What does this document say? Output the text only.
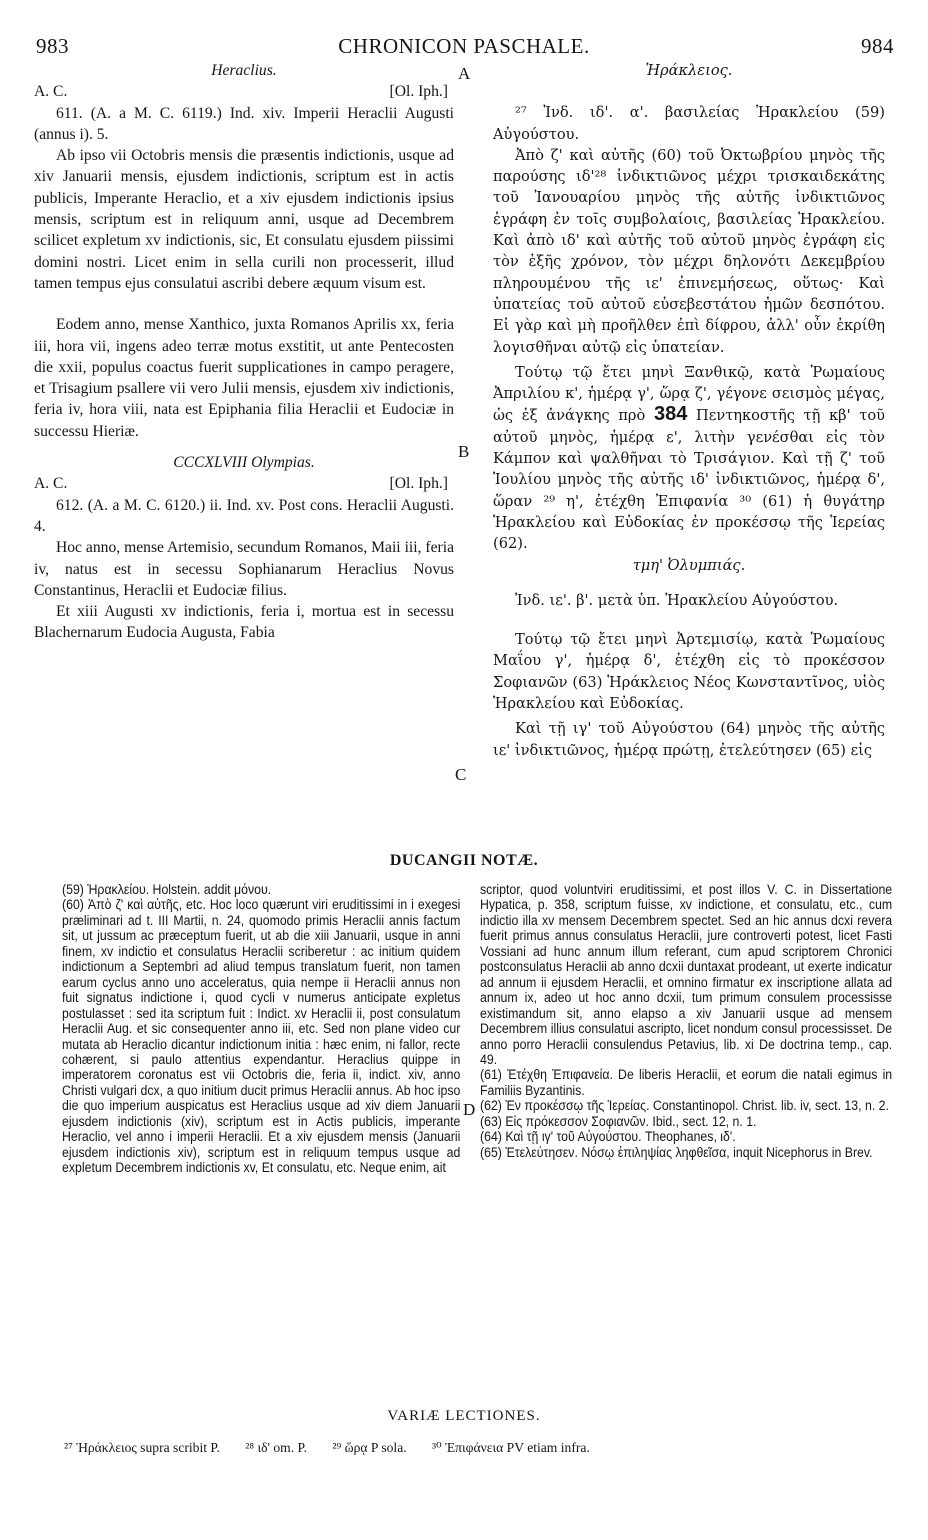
983	CHRONICON PASCHALE.	984

Heraclius.

A. C.	[Ol. Iph.]

611. (A. a M. C. 6119.) Ind. xiv. Imperii Heraclii Augusti (annus i). 5.

Ab ipso vii Octobris mensis die præsentis indictionis, usque ad xiv Januarii mensis, ejusdem indictionis, scriptum est in actis publicis, Imperante Heraclio, et a xiv ejusdem indictionis ipsius mensis, scriptum est in reliquum anni, usque ad Decembrem scilicet expletum xv indictionis, sic, Et consulatu ejusdem piissimi domini nostri. Licet enim in sella curili non processerit, illud tamen tempus ejus consulatui ascribi debere æquum visum est.

Eodem anno, mense Xanthico, juxta Romanos Aprilis xx, feria iii, hora vii, ingens adeo terræ motus exstitit, ut ante Pentecosten die xxii, populus coactus fuerit supplicationes in campo peragere, et Trisagium psallere vii vero Julii mensis, ejusdem xiv indictionis, feria iv, hora viii, nata est Epiphania filia Heraclii et Eudociæ in successu Hieriæ.

CCCXLVIII Olympias.

A. C.	[Ol. Iph.]

612. (A. a M. C. 6120.) ii. Ind. xv. Post cons. Heraclii Augusti. 4.

Hoc anno, mense Artemisio, secundum Romanos, Maii iii, feria iv, natus est in secessu Sophianarum Heraclius Novus Constantinus, Heraclii et Eudociæ filius.

Et xiii Augusti xv indictionis, feria i, mortua est in secessu Blachernarum Eudocia Augusta, Fabia

A
B
C
D

Ἡράκλειος.

²⁷ Ἰνδ. ιδ'. α'. βασιλείας Ἡρακλείου (59) Αὐγούστου.

Ἀπὸ ζ' καὶ αὐτῆς (60) τοῦ Ὀκτωβρίου μηνὸς τῆς παρούσης ιδ'²⁸ ἰνδικτιῶνος μέχρι τρισκαιδεκάτης τοῦ Ἰανουαρίου μηνὸς τῆς αὐτῆς ἰνδικτιῶνος ἐγράφη ἐν τοῖς συμβολαίοις, βασιλείας Ἡρακλείου. Καὶ ἀπὸ ιδ' καὶ αὐτῆς τοῦ αὐτοῦ μηνὸς ἐγράφη εἰς τὸν ἑξῆς χρόνον, τὸν μέχρι δηλονότι Δεκεμβρίου πληρουμένου τῆς ιε' ἐπινεμήσεως, οὕτως· Καὶ ὑπατείας τοῦ αὐτοῦ εὐσεβεστάτου ἡμῶν δεσπότου. Εἰ γὰρ καὶ μὴ προῆλθεν ἐπὶ δίφρου, ἀλλ' οὖν ἐκρίθη λογισθῆναι αὐτῷ εἰς ὑπατείαν.

Τούτῳ τῷ ἔτει μηνὶ Ξανθικῷ, κατὰ Ῥωμαίους Ἀπριλίου κ', ἡμέρᾳ γ', ὥρᾳ ζ', γέγονε σεισμὸς μέγας, ὡς ἐξ ἀνάγκης πρὸ 384 Πεντηκοστῆς τῇ κβ' τοῦ αὐτοῦ μηνὸς, ἡμέρᾳ ε', λιτὴν γενέσθαι εἰς τὸν Κάμπον καὶ ψαλθῆναι τὸ Τρισάγιον. Καὶ τῇ ζ' τοῦ Ἰουλίου μηνὸς τῆς αὐτῆς ιδ' ἰνδικτιῶνος, ἡμέρᾳ δ', ὥραν ²⁹ η', ἐτέχθη Ἐπιφανία ³⁰ (61) ἡ θυγάτηρ Ἡρακλείου καὶ Εὐδοκίας ἐν προκέσσῳ τῆς Ἱερείας (62).

τμη' Ὀλυμπιάς.

Ἰνδ. ιε'. β'. μετὰ ὑπ. Ἡρακλείου Αὐγούστου.

Τούτῳ τῷ ἔτει μηνὶ Ἀρτεμισίῳ, κατὰ Ῥωμαίους Μαΐου γ', ἡμέρᾳ δ', ἐτέχθη εἰς τὸ προκέσσον Σοφιανῶν (63) Ἡράκλειος Νέος Κωνσταντῖνος, υἱὸς Ἡρακλείου καὶ Εὐδοκίας.

Καὶ τῇ ιγ' τοῦ Αὐγούστου (64) μηνὸς τῆς αὐτῆς ιε' ἰνδικτιῶνος, ἡμέρᾳ πρώτῃ, ἐτελεύτησεν (65) εἰς

DUCANGII NOTÆ.

(59) Ἡρακλείου. Holstein. addit μόνου.

(60) Ἀπὸ ζ' καὶ αὐτῆς, etc. Hoc loco quærunt viri eruditissimi in i exegesi præliminari ad t. III Martii, n. 24, quomodo primis Heraclii annis factum sit, ut jussum ac præceptum fuerit, ut ab die xiii Januarii, usque in anni finem, xv indictio et consulatus Heraclii scriberetur : ac initium quidem indictionum a Septembri ad aliud tempus translatum fuerit, non tamen earum cyclus anno uno acceleratus, quia nempe ii Heraclii annus non fuit signatus indictione i, quod cycli v numerus anticipate expletus postulasset : sed ita scriptum fuit : Indict. xv Heraclii ii, post consulatum Heraclii Aug. et sic consequenter anno iii, etc. Sed non plane video cur mutata ab Heraclio dicantur indictionum initia : hæc enim, ni fallor, recte cohærent, si paulo attentius expendantur. Heraclius quippe in imperatorem coronatus est vii Octobris die, feria ii, indict. xiv, anno Christi vulgari dcx, a quo initium ducit primus Heraclii annus. Ab hoc ipso die quo imperium auspicatus est Heraclius usque ad xiv diem Januarii ejusdem indictionis (xiv), scriptum est in Actis publicis, imperante Heraclio, vel anno i imperii Heraclii. Et a xiv ejusdem mensis (Januarii ejusdem indictionis xiv), scriptum est in reliquum tempus usque ad expletum Decembrem indictionis xv, Et consulatu, etc. Neque enim, ait

scriptor, quod voluntviri eruditissimi, et post illos V. C. in Dissertatione Hypatica, p. 358, scriptum fuisse, xv indictione, et consulatu, etc., cum indictio illa xv mensem Decembrem spectet. Sed an hic annus dcxi revera fuerit primus annus consulatus Heraclii, jure controverti potest, licet Fasti Vossiani ad hunc annum illum referant, cum apud scriptorem Chronici postconsulatus Heraclii ab anno dcxii duntaxat prodeant, ut exerte indicatur ad annum ii ejusdem Heraclii, et omnino firmatur ex inscriptione allata ad annum ix, adeo ut hoc anno dcxii, tum primum consulem processisse existimandum sit, anno elapso a xiv Januarii usque ad mensem Decembrem illius consulatui ascripto, licet nondum consul processisset. De anno porro Heraclii consulendus Petavius, lib. xi De doctrina temp., cap. 49.

(61) Ἐτέχθη Ἐπιφανεία. De liberis Heraclii, et eorum die natali egimus in Familiis Byzantinis.

(62) Ἐν προκέσσῳ τῆς Ἱερείας. Constantinopol. Christ. lib. iv, sect. 13, n. 2.

(63) Εἰς πρόκεσσον Σοφιανῶν. Ibid., sect. 12, n. 1.

(64) Καὶ τῇ ιγ' τοῦ Αὐγούστου. Theophanes, ιδ'.

(65) Ἐτελεύτησεν. Νόσῳ ἐπιληψίας ληφθεῖσα, inquit Nicephorus in Brev.

VARIÆ LECTIONES.
²⁷ Ἡράκλειος supra scribit P. ²⁸ ιδ' om. P. ²⁹ ὥρᾳ P sola. ³⁰ Ἐπιφάνεια PV etiam infra.
